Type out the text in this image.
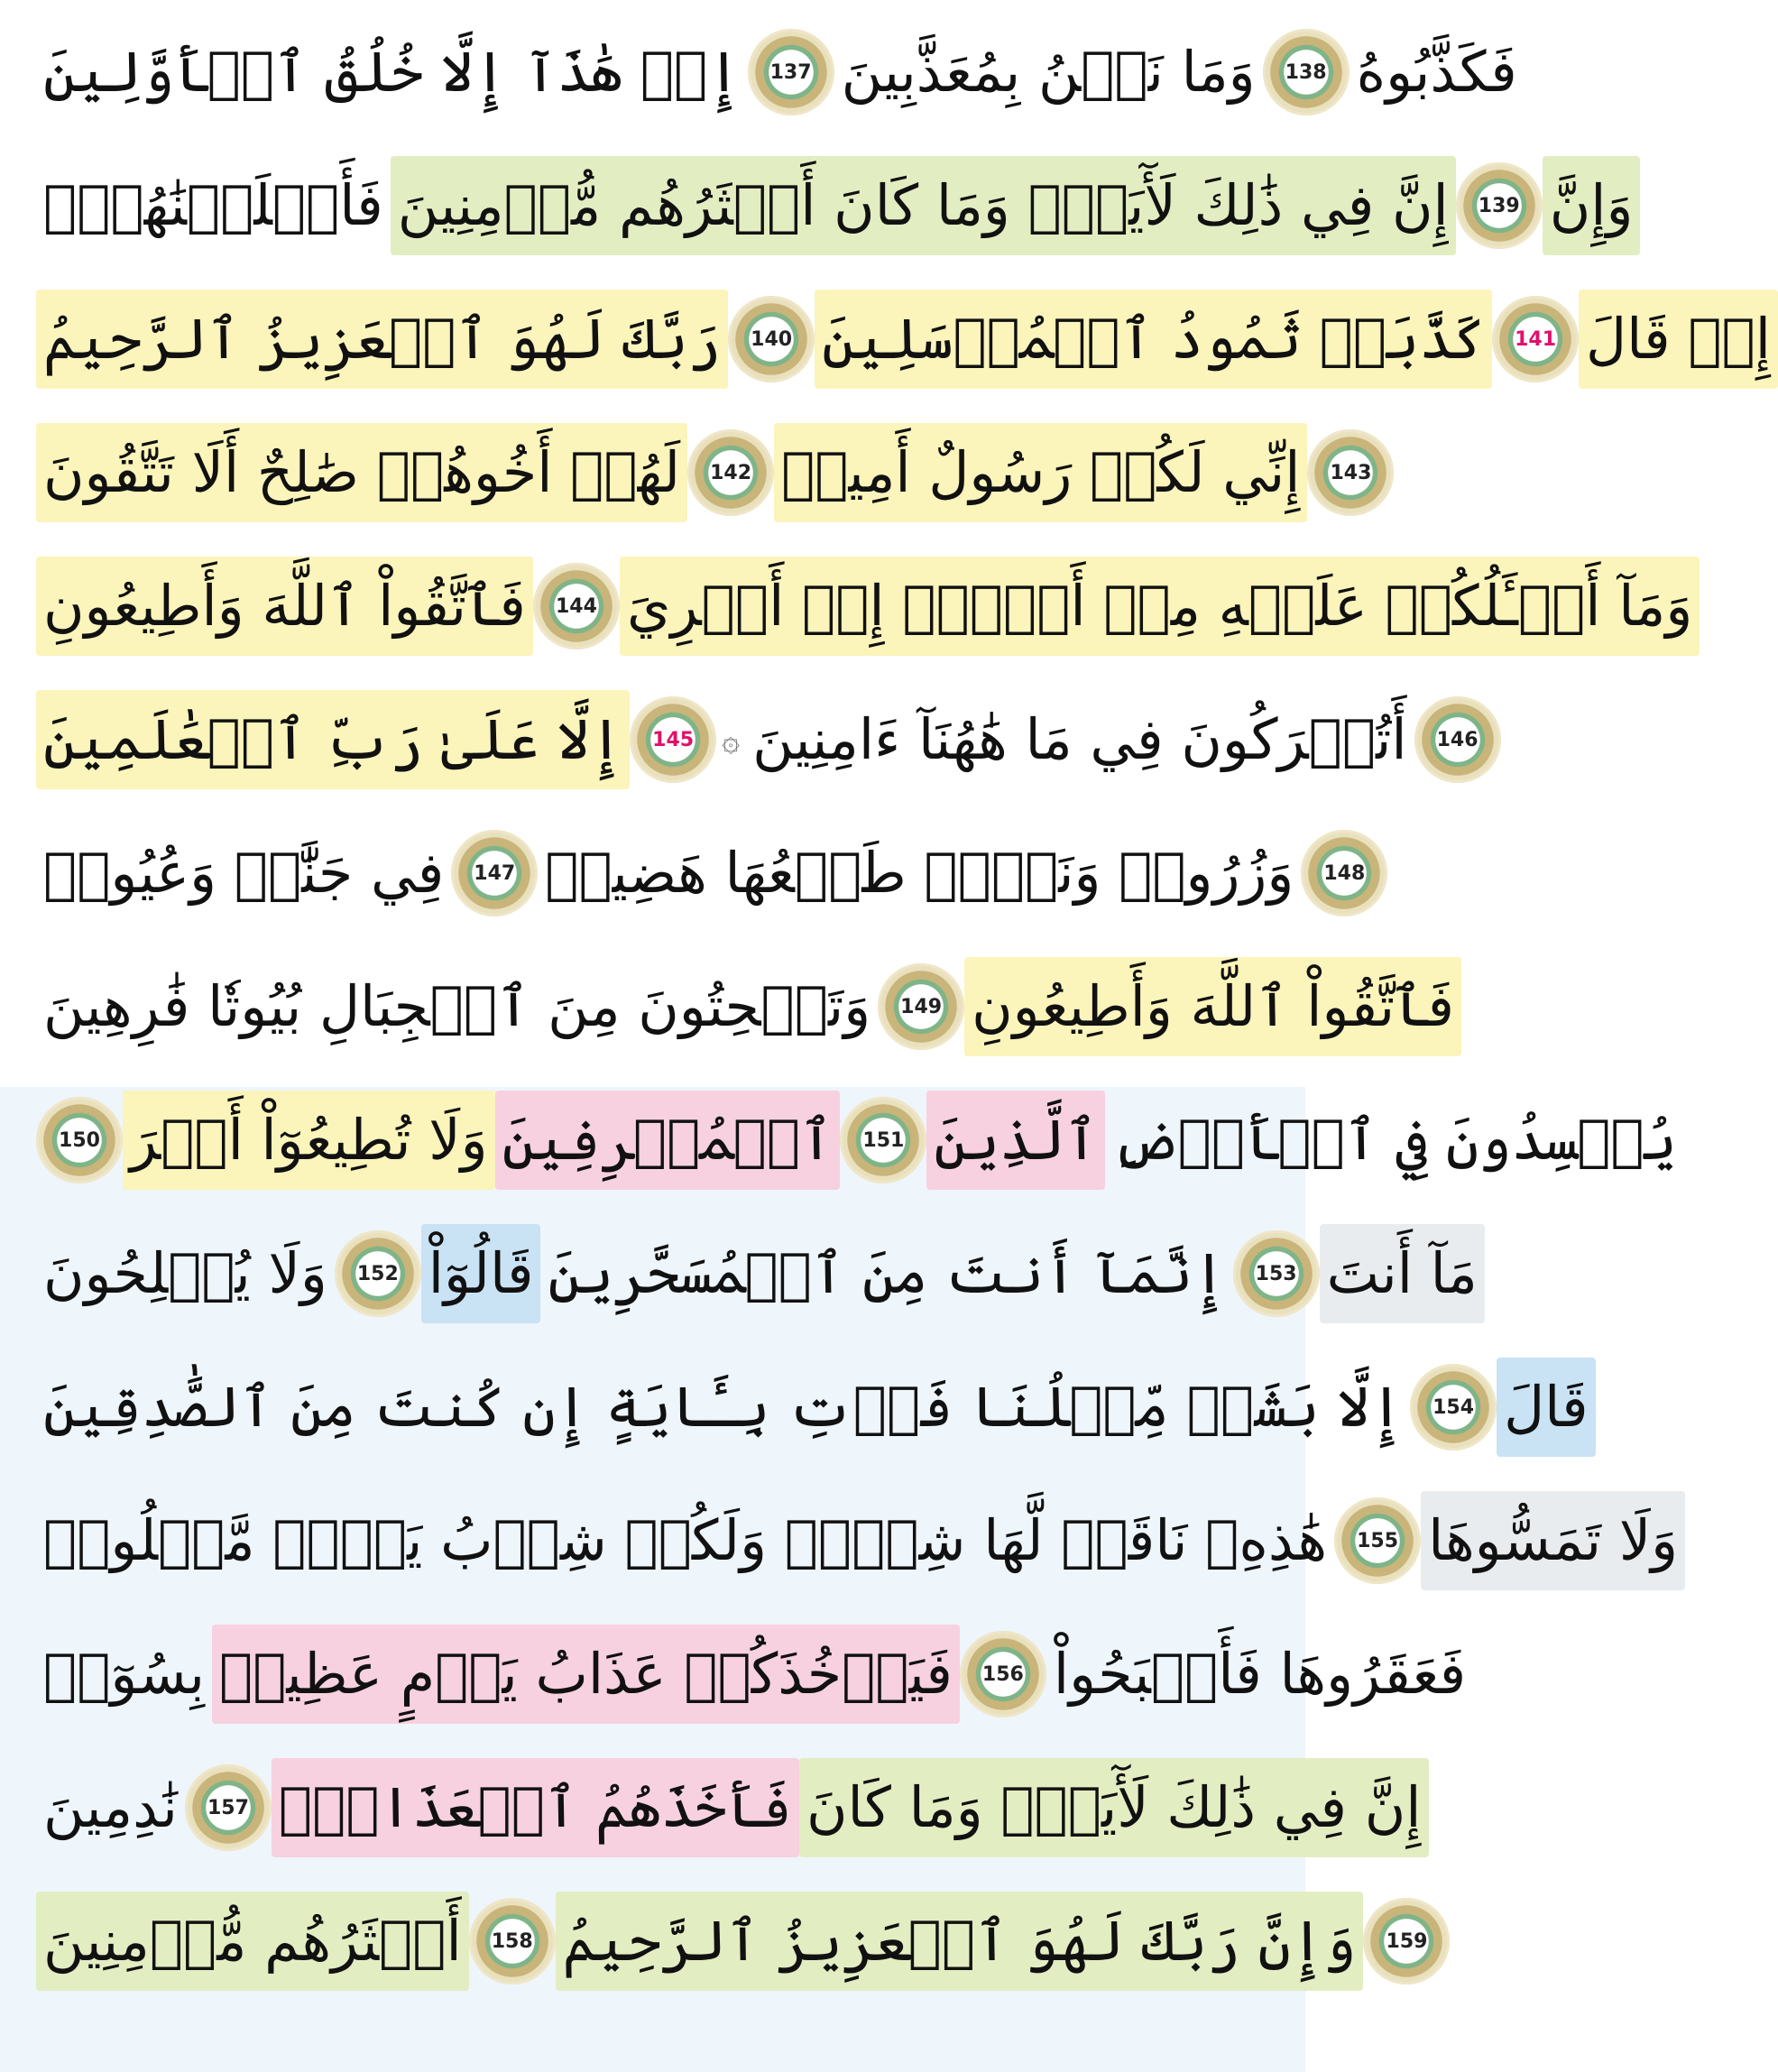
إِنۡ هَٰذَآ إِلَّا خُلُقُ ٱلۡأَوَّلِينَ	137 وَمَا نَحۡنُ بِمُعَذَّبِينَ	138 فَكَذَّبُوهُ
فَأَهۡلَكۡنَٰهُمۡۚ إِنَّ فِي ذَٰلِكَ لَأٓيَةٗۖ وَمَا كَانَ أَكۡثَرُهُم مُّؤۡمِنِينَ	139 وَإِنَّ
رَبَّكَ لَهُوَ ٱلۡعَزِيزُ ٱلرَّحِيمُ	140 كَذَّبَتۡ ثَمُودُ ٱلۡمُرۡسَلِينَ	141 إِذۡ قَالَ
لَهُمۡ أَخُوهُمۡ صَٰلِحٌ أَلَا تَتَّقُونَ	142 إِنِّي لَكُمۡ رَسُولٌ أَمِينٞ	143
فَٱتَّقُواْ ٱللَّهَ وَأَطِيعُونِ	144 وَمَآ أَسۡـَٔلُكُمۡ عَلَيۡهِ مِنۡ أَجۡرٍۖ إِنۡ أَجۡرِيَ
إِلَّا عَلَىٰ رَبِّ ٱلۡعَٰلَمِينَ	145 ۞ أَتُتۡرَكُونَ فِي مَا هَٰهُنَآ ءَامِنِينَ	146
فِي جَنَّٰتٖ وَعُيُونٖ	147 وَزُرُوعٖ وَنَخۡلٖ طَلۡعُهَا هَضِيمٞ	148
وَتَنۡحِتُونَ مِنَ ٱلۡجِبَالِ بُيُوتٗا فَٰرِهِينَ	149 فَٱتَّقُواْ ٱللَّهَ وَأَطِيعُونِ
150 وَلَا تُطِيعُوٓاْ أَمۡرَ ٱلۡمُسۡرِفِينَ	151 ٱلَّذِينَ يُفۡسِدُونَ فِي ٱلۡأَرۡضِ
وَلَا يُصۡلِحُونَ	152 قَالُوٓاْ إِنَّمَآ أَنتَ مِنَ ٱلۡمُسَحَّرِينَ	153 مَآ أَنتَ
إِلَّا بَشَرٞ مِّثۡلُنَا فَأۡتِ بِـَٔايَةٍ إِن كُنتَ مِنَ ٱلصَّٰدِقِينَ	154 قَالَ
هَٰذِهِۦ نَاقَةٞ لَّهَا شِرۡبٞ وَلَكُمۡ شِرۡبُ يَوۡمٖ مَّعۡلُومٖ	155 وَلَا تَمَسُّوهَا
بِسُوٓءٖ فَيَأۡخُذَكُمۡ عَذَابُ يَوۡمٍ عَظِيمٖ	156 فَعَقَرُوهَا فَأَصۡبَحُواْ
نَٰدِمِينَ	157 فَأَخَذَهُمُ ٱلۡعَذَابُۚ إِنَّ فِي ذَٰلِكَ لَأٓيَةٗۖ وَمَا كَانَ
أَكۡثَرُهُم مُّؤۡمِنِينَ	158 وَإِنَّ رَبَّكَ لَهُوَ ٱلۡعَزِيزُ ٱلرَّحِيمُ	159
